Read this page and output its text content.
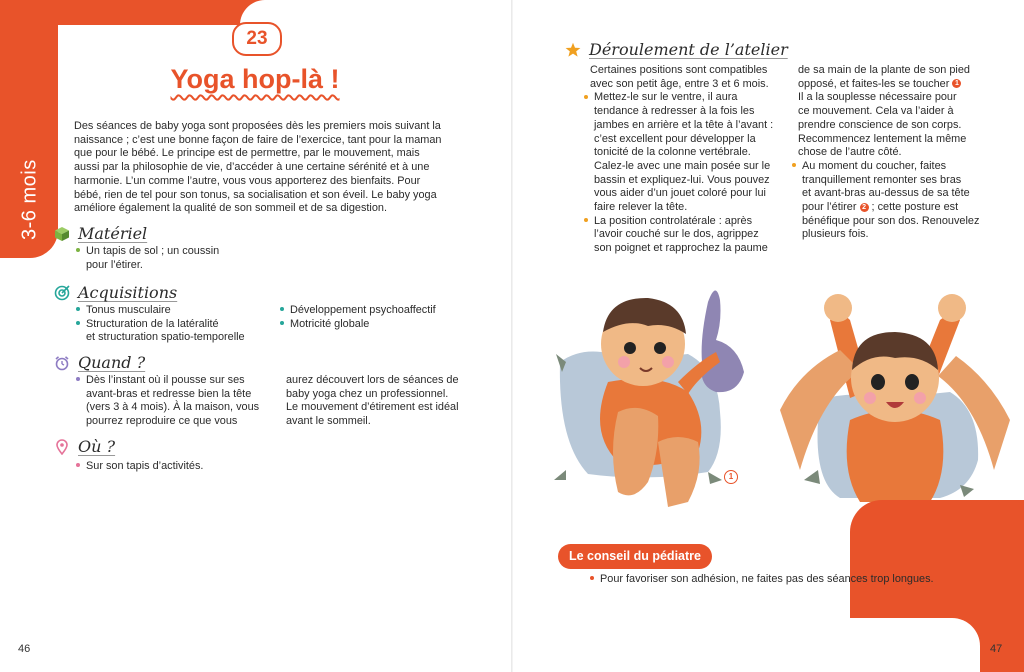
3-6 mois
23
Yoga hop-là !
Des séances de baby yoga sont proposées dès les premiers mois suivant la
naissance ; c’est une bonne façon de faire de l’exercice, tant pour la maman
que pour le bébé. Le principe est de permettre, par le mouvement, mais
aussi par la philosophie de vie, d’accéder à une certaine sérénité et à une
harmonie. L’un comme l’autre, vous vous apporterez des bienfaits. Pour
bébé, rien de tel pour son tonus, sa socialisation et son éveil. Le baby yoga
améliore également la qualité de son sommeil et de sa digestion.
Matériel
Un tapis de sol ; un coussin
pour l’étirer.
Acquisitions
Tonus musculaire
Structuration de la latéralité
et structuration spatio-temporelle
Développement psychoaffectif
Motricité globale
Quand ?
Dès l’instant où il pousse sur ses
avant-bras et redresse bien la tête
(vers 3 à 4 mois). À la maison, vous
pourrez reproduire ce que vous
aurez découvert lors de séances de
baby yoga chez un professionnel.
Le mouvement d’étirement est idéal
avant le sommeil.
Où ?
Sur son tapis d’activités.
46
Déroulement de l’atelier

Certaines positions sont compatibles

avec son petit âge, entre 3 et 6 mois.

Mettez-le sur le ventre, il aura

tendance à redresser à la fois les

jambes en arrière et la tête à l’avant :

c’est excellent pour développer la

tonicité de la colonne vertébrale.

Calez-le avec une main posée sur le

bassin et expliquez-lui. Vous pouvez

vous aider d’un jouet coloré pour lui

faire relever la tête.

La position controlatérale : après

l’avoir couché sur le dos, agrippez

son poignet et rapprochez la paume

de sa main de la plante de son pied

opposé, et faites-les se toucher 1

Il a la souplesse nécessaire pour

ce mouvement. Cela va l’aider à

prendre conscience de son corps.

Recommencez lentement la même

chose de l’autre côté.

Au moment du coucher, faites

tranquillement remonter ses bras

et avant-bras au-dessus de sa tête

pour l’étirer 2 ; cette posture est

bénéfique pour son dos. Renouvelez

plusieurs fois.

1
Le conseil du pédiatre
Pour favoriser son adhésion, ne faites pas des séances trop longues.
47
